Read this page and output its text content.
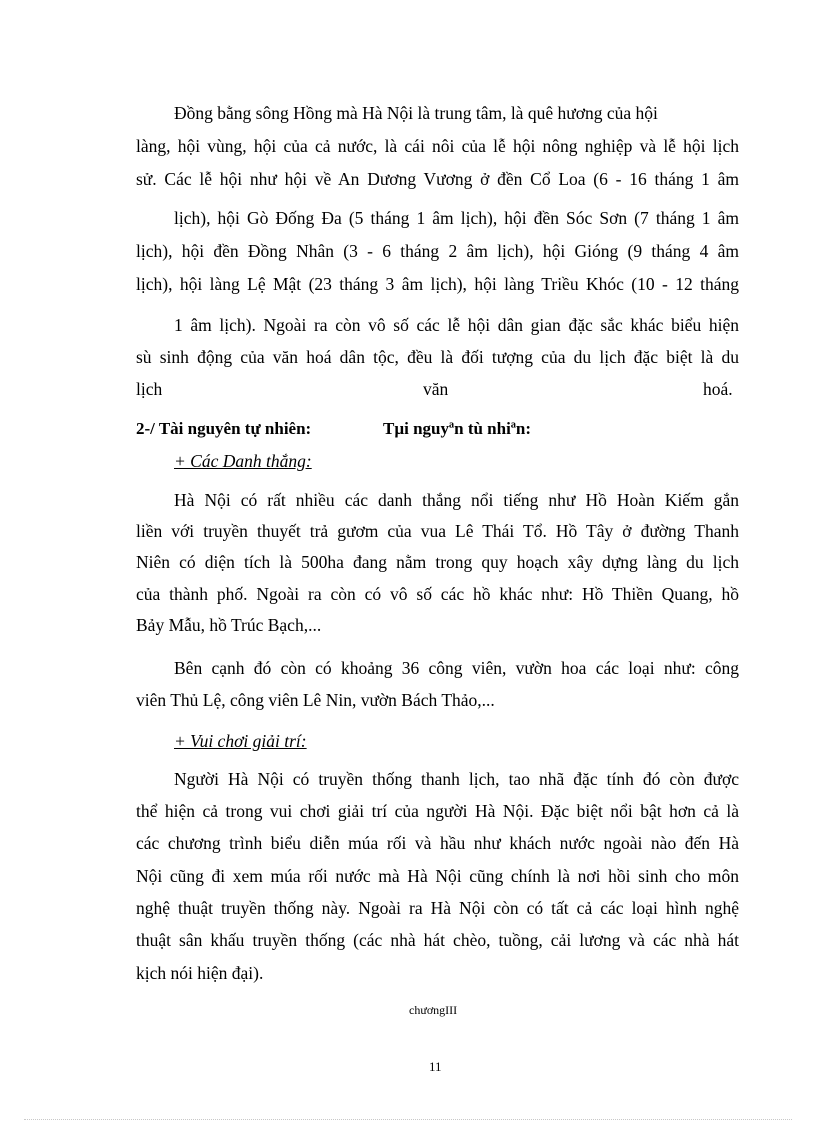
Đồng bằng sông Hồng mà Hà Nội là trung tâm, là quê hương của hội
làng, hội vùng, hội của cả nước, là cái nôi của lễ hội nông nghiệp và lễ hội lịch
sử. Các lễ hội như hội về An Dương Vương ở đền Cổ Loa (6 - 16 tháng 1 âm
lịch), hội Gò Đống Đa (5 tháng 1 âm lịch), hội đền Sóc Sơn (7 tháng 1 âm
lịch), hội đền Đồng Nhân (3 - 6 tháng 2 âm lịch), hội Gióng (9 tháng 4 âm
lịch), hội làng Lệ Mật (23 tháng 3 âm lịch), hội làng Triều Khóc (10 - 12 tháng
1 âm lịch). Ngoài ra còn vô số các lễ hội dân gian đặc sắc khác biểu hiện
sù sinh động của văn hoá dân tộc, đều là đối tượng của du lịch đặc biệt là du
lịch	văn	hoá.
2-/ Tài nguyên tự nhiên:	Tµi nguyªn tù nhiªn:
+ Các Danh thắng:
Hà Nội có rất nhiều các danh thắng nổi tiếng như Hồ Hoàn Kiếm gắn
liền với truyền thuyết trả gươm của vua Lê Thái Tổ. Hồ Tây ở đường Thanh
Niên có diện tích là 500ha đang nằm trong quy hoạch xây dựng làng du lịch
của thành phố. Ngoài ra còn có vô số các hồ khác như: Hồ Thiền Quang, hồ
Bảy Mẫu, hồ Trúc Bạch,...
Bên cạnh đó còn có khoảng 36 công viên, vườn hoa các loại như: công
viên Thủ Lệ, công viên Lê Nin, vườn Bách Thảo,...
+ Vui chơi giải trí:
Người Hà Nội có truyền thống thanh lịch, tao nhã đặc tính đó còn được
thể hiện cả trong vui chơi giải trí của người Hà Nội. Đặc biệt nổi bật hơn cả là
các chương trình biểu diễn múa rối và hầu như khách nước ngoài nào đến Hà
Nội cũng đi xem múa rối nước mà Hà Nội cũng chính là nơi hồi sinh cho môn
nghệ thuật truyền thống này. Ngoài ra Hà Nội còn có tất cả các loại hình nghệ
thuật sân khấu truyền thống (các nhà hát chèo, tuồng, cải lương và các nhà hát
kịch nói hiện đại).
chươngIII
11
